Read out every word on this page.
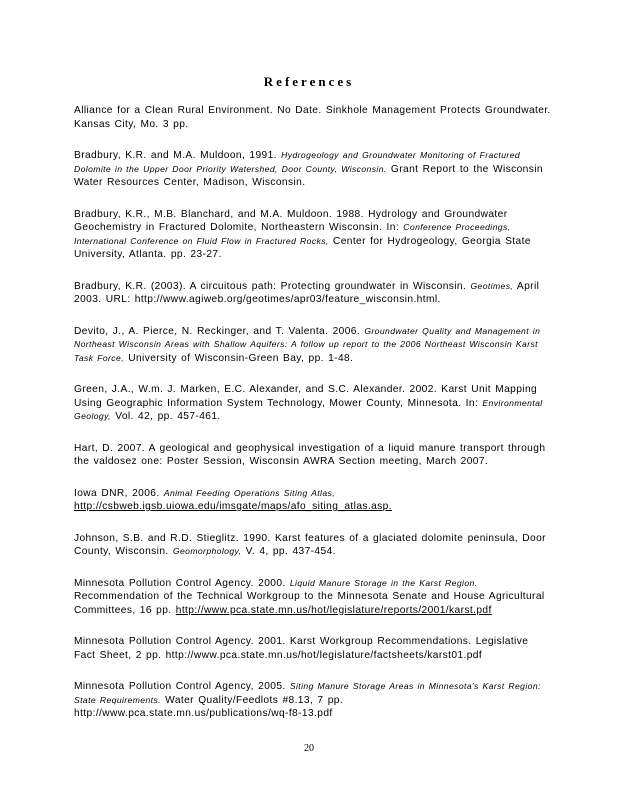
References
Alliance for a Clean Rural Environment. No Date. Sinkhole Management Protects Groundwater. Kansas City, Mo. 3 pp.
Bradbury, K.R. and M.A. Muldoon, 1991. Hydrogeology and Groundwater Monitoring of Fractured Dolomite in the Upper Door Priority Watershed, Door County, Wisconsin. Grant Report to the Wisconsin Water Resources Center, Madison, Wisconsin.
Bradbury, K.R., M.B. Blanchard, and M.A. Muldoon. 1988. Hydrology and Groundwater Geochemistry in Fractured Dolomite, Northeastern Wisconsin. In: Conference Proceedings, International Conference on Fluid Flow in Fractured Rocks, Center for Hydrogeology, Georgia State University, Atlanta. pp. 23-27.
Bradbury, K.R. (2003). A circuitous path: Protecting groundwater in Wisconsin. Geotimes, April 2003. URL: http://www.agiweb.org/geotimes/apr03/feature_wisconsin.html.
Devito, J., A. Pierce, N. Reckinger, and T. Valenta. 2006. Groundwater Quality and Management in Northeast Wisconsin Areas with Shallow Aquifers: A follow up report to the 2006 Northeast Wisconsin Karst Task Force, University of Wisconsin-Green Bay, pp. 1-48.
Green, J.A., W.m. J. Marken, E.C. Alexander, and S.C. Alexander. 2002. Karst Unit Mapping Using Geographic Information System Technology, Mower County, Minnesota. In: Environmental Geology, Vol. 42, pp. 457-461.
Hart, D. 2007. A geological and geophysical investigation of a liquid manure transport through the valdosez one: Poster Session, Wisconsin AWRA Section meeting, March 2007.
Iowa DNR, 2006. Animal Feeding Operations Siting Atlas, http://csbweb.igsb.uiowa.edu/imsgate/maps/afo_siting_atlas.asp.
Johnson, S.B. and R.D. Stieglitz. 1990. Karst features of a glaciated dolomite peninsula, Door County, Wisconsin. Geomorphology, V. 4, pp. 437-454.
Minnesota Pollution Control Agency. 2000. Liquid Manure Storage in the Karst Region. Recommendation of the Technical Workgroup to the Minnesota Senate and House Agricultural Committees, 16 pp. http://www.pca.state.mn.us/hot/legislature/reports/2001/karst.pdf
Minnesota Pollution Control Agency. 2001. Karst Workgroup Recommendations. Legislative Fact Sheet, 2 pp. http://www.pca.state.mn.us/hot/legislature/factsheets/karst01.pdf
Minnesota Pollution Control Agency, 2005. Siting Manure Storage Areas in Minnesota's Karst Region: State Requirements. Water Quality/Feedlots #8.13, 7 pp. http://www.pca.state.mn.us/publications/wq-f8-13.pdf
20
